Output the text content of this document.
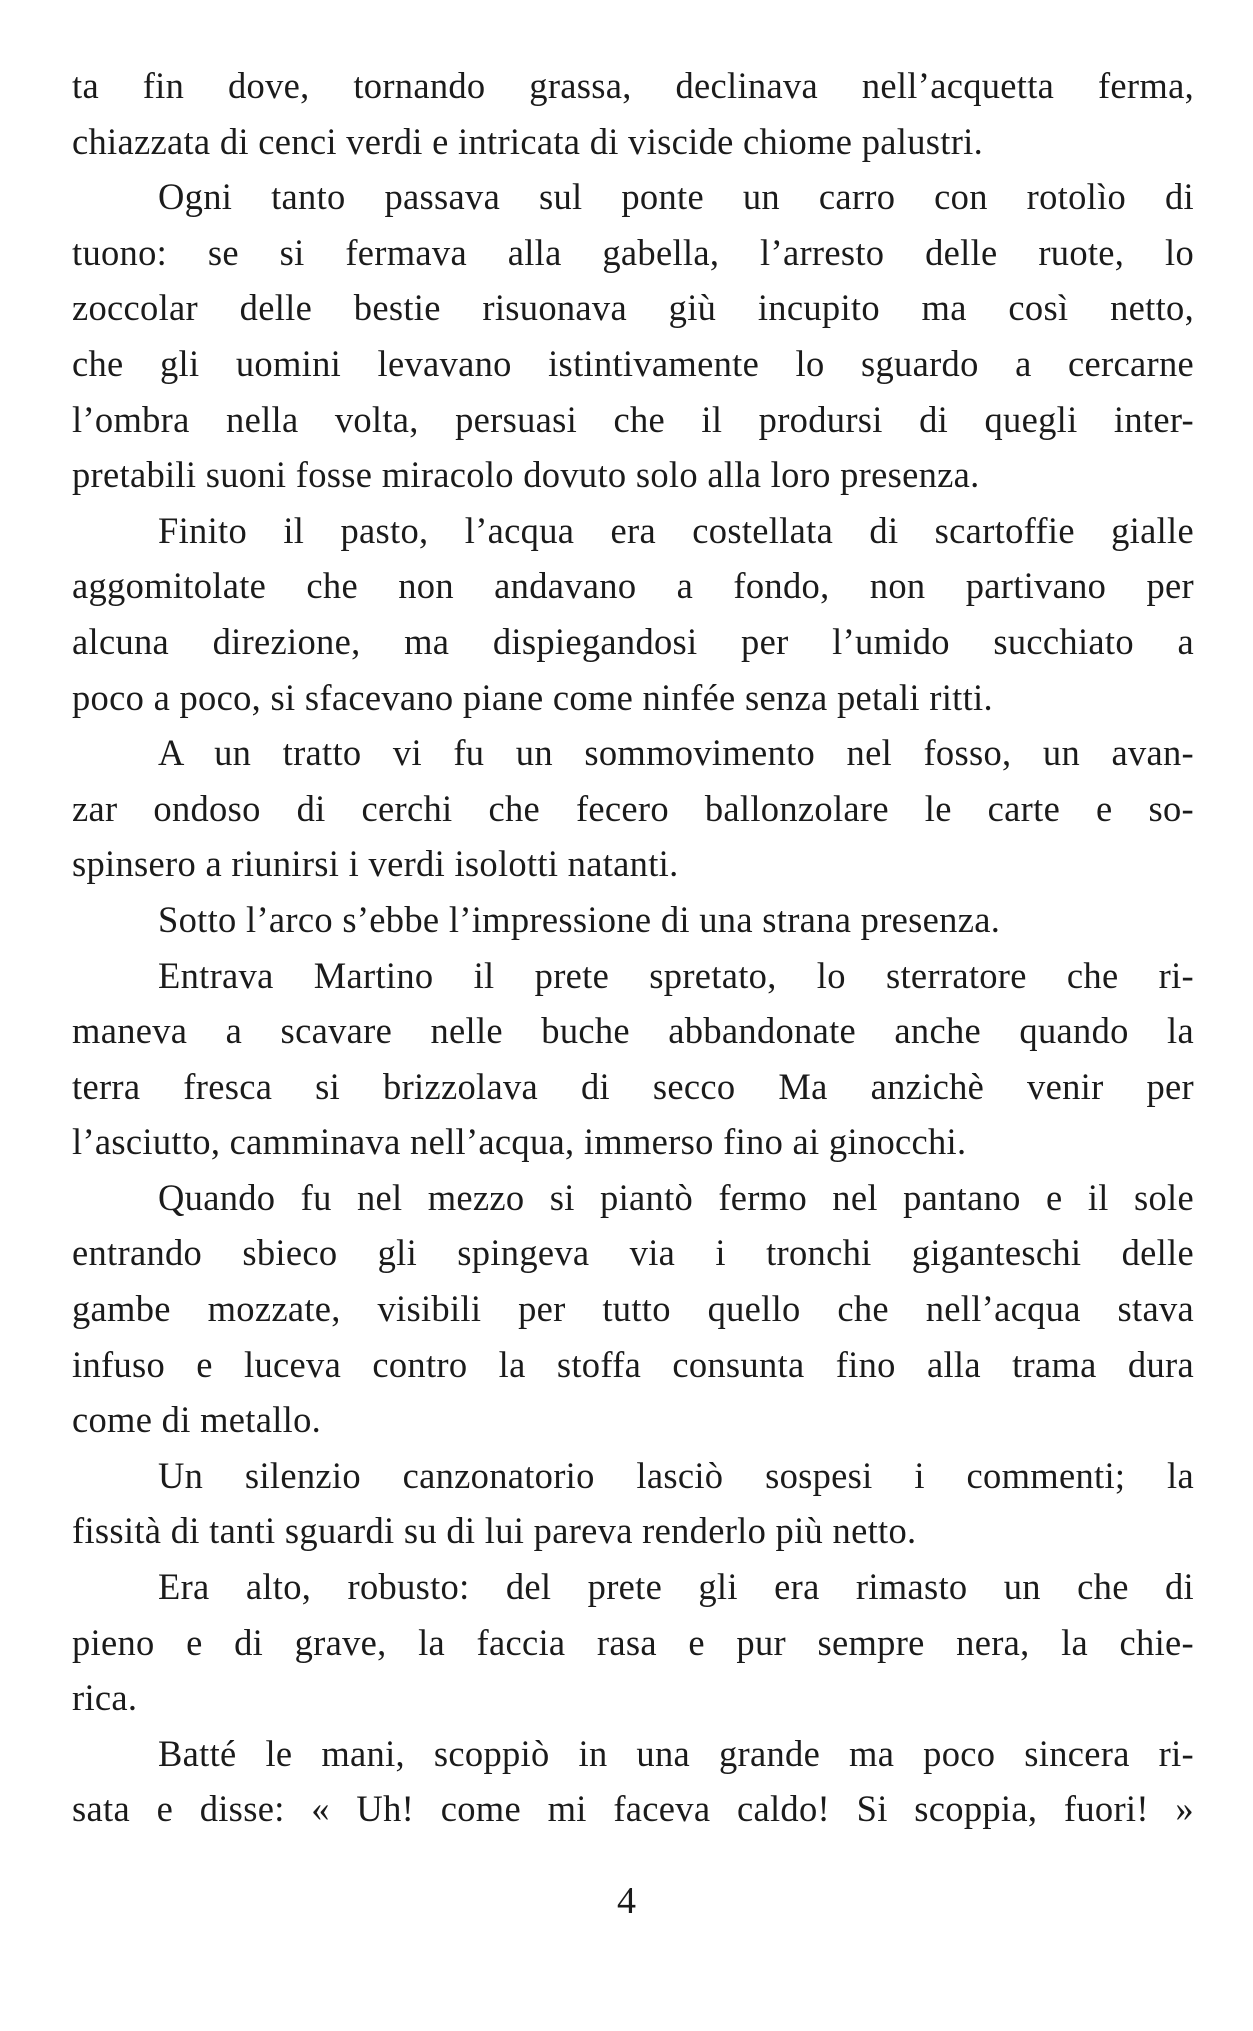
ta fin dove, tornando grassa, declinava nell’acquetta ferma,
chiazzata di cenci verdi e intricata di viscide chiome palustri.
Ogni tanto passava sul ponte un carro con rotolìo di
tuono: se si fermava alla gabella, l’arresto delle ruote, lo
zoccolar delle bestie risuonava giù incupito ma così netto,
che gli uomini levavano istintivamente lo sguardo a cercarne
l’ombra nella volta, persuasi che il prodursi di quegli inter-
pretabili suoni fosse miracolo dovuto solo alla loro presenza.
Finito il pasto, l’acqua era costellata di scartoffie gialle
aggomitolate che non andavano a fondo, non partivano per
alcuna direzione, ma dispiegandosi per l’umido succhiato a
poco a poco, si sfacevano piane come ninfée senza petali ritti.
A un tratto vi fu un sommovimento nel fosso, un avan-
zar ondoso di cerchi che fecero ballonzolare le carte e so-
spinsero a riunirsi i verdi isolotti natanti.
Sotto l’arco s’ebbe l’impressione di una strana presenza.
Entrava Martino il prete spretato, lo sterratore che ri-
maneva a scavare nelle buche abbandonate anche quando la
terra fresca si brizzolava di secco Ma anzichè venir per
l’asciutto, camminava nell’acqua, immerso fino ai ginocchi.
Quando fu nel mezzo si piantò fermo nel pantano e il sole
entrando sbieco gli spingeva via i tronchi giganteschi delle
gambe mozzate, visibili per tutto quello che nell’acqua stava
infuso e luceva contro la stoffa consunta fino alla trama dura
come di metallo.
Un silenzio canzonatorio lasciò sospesi i commenti; la
fissità di tanti sguardi su di lui pareva renderlo più netto.
Era alto, robusto: del prete gli era rimasto un che di
pieno e di grave, la faccia rasa e pur sempre nera, la chie-
rica.
Batté le mani, scoppiò in una grande ma poco sincera ri-
sata e disse: « Uh! come mi faceva caldo! Si scoppia, fuori! »
4
